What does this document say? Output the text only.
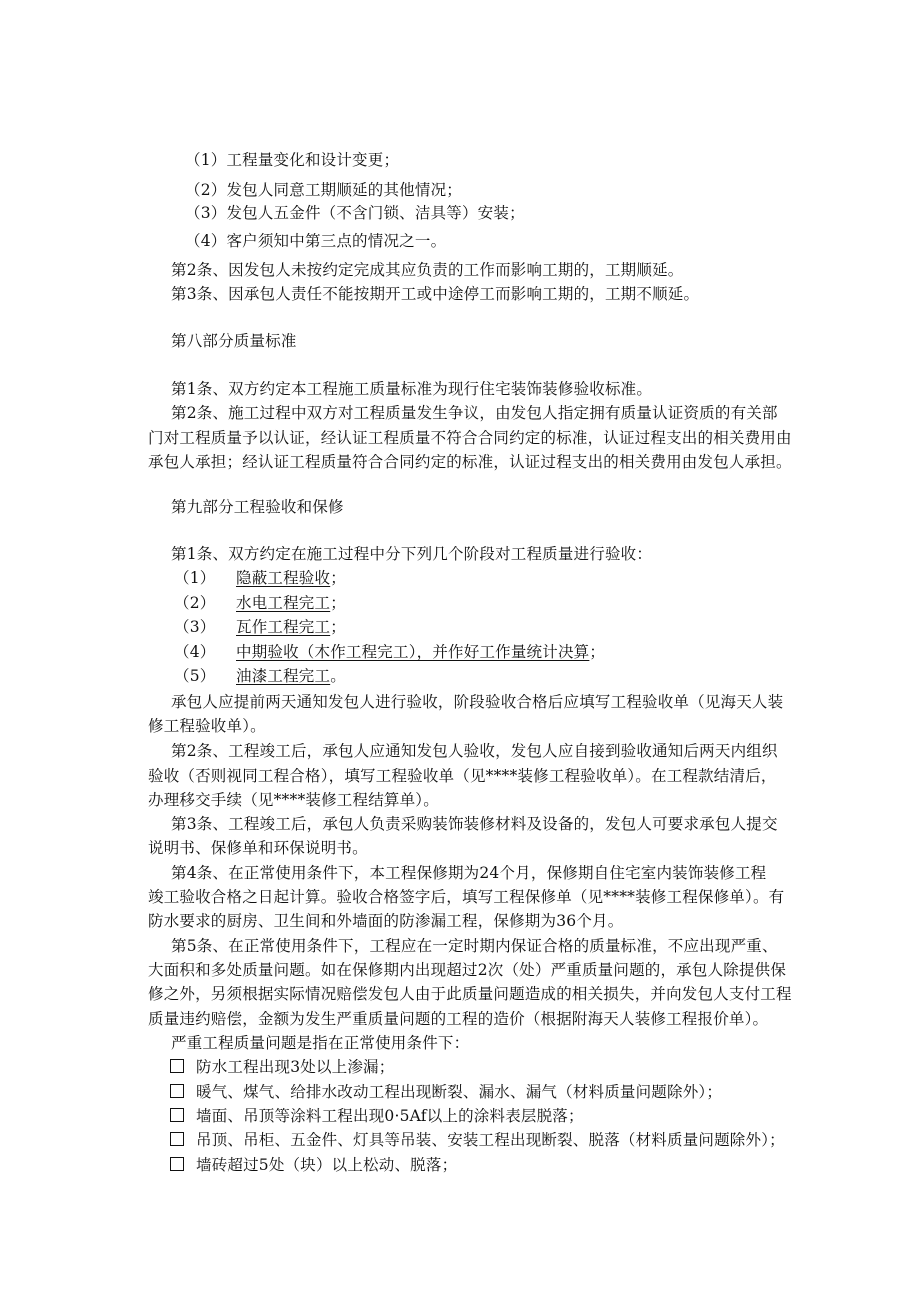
（1）工程量变化和设计变更；
（2）发包人同意工期顺延的其他情况；
（3）发包人五金件（不含门锁、洁具等）安装；
（4）客户须知中第三点的情况之一。
第2条、因发包人未按约定完成其应负责的工作而影响工期的，工期顺延。
第3条、因承包人责任不能按期开工或中途停工而影响工期的，工期不顺延。
第八部分质量标准
第1条、双方约定本工程施工质量标准为现行住宅装饰装修验收标准。
第2条、施工过程中双方对工程质量发生争议，由发包人指定拥有质量认证资质的有关部
门对工程质量予以认证，经认证工程质量不符合合同约定的标准，认证过程支出的相关费用由
承包人承担；经认证工程质量符合合同约定的标准，认证过程支出的相关费用由发包人承担。
第九部分工程验收和保修
第1条、双方约定在施工过程中分下列几个阶段对工程质量进行验收：
（1） 隐蔽工程验收；
（2） 水电工程完工；
（3） 瓦作工程完工；
（4） 中期验收（木作工程完工），并作好工作量统计决算；
（5） 油漆工程完工。
承包人应提前两天通知发包人进行验收，阶段验收合格后应填写工程验收单（见海天人装
修工程验收单）。
第2条、工程竣工后，承包人应通知发包人验收，发包人应自接到验收通知后两天内组织
验收（否则视同工程合格），填写工程验收单（见****装修工程验收单）。在工程款结清后，
办理移交手续（见****装修工程结算单）。
第3条、工程竣工后，承包人负责采购装饰装修材料及设备的，发包人可要求承包人提交
说明书、保修单和环保说明书。
第4条、在正常使用条件下，本工程保修期为24个月，保修期自住宅室内装饰装修工程
竣工验收合格之日起计算。验收合格签字后，填写工程保修单（见****装修工程保修单）。有
防水要求的厨房、卫生间和外墙面的防渗漏工程，保修期为36个月。
第5条、在正常使用条件下，工程应在一定时期内保证合格的质量标准，不应出现严重、
大面积和多处质量问题。如在保修期内出现超过2次（处）严重质量问题的，承包人除提供保
修之外，另须根据实际情况赔偿发包人由于此质量问题造成的相关损失，并向发包人支付工程
质量违约赔偿，金额为发生严重质量问题的工程的造价（根据附海天人装修工程报价单）。
严重工程质量问题是指在正常使用条件下：
防水工程出现3处以上渗漏；
暖气、煤气、给排水改动工程出现断裂、漏水、漏气（材料质量问题除外）；
墙面、吊顶等涂料工程出现0·5Af以上的涂料表层脱落；
吊顶、吊柜、五金件、灯具等吊装、安装工程出现断裂、脱落（材料质量问题除外）；
墙砖超过5处（块）以上松动、脱落；
